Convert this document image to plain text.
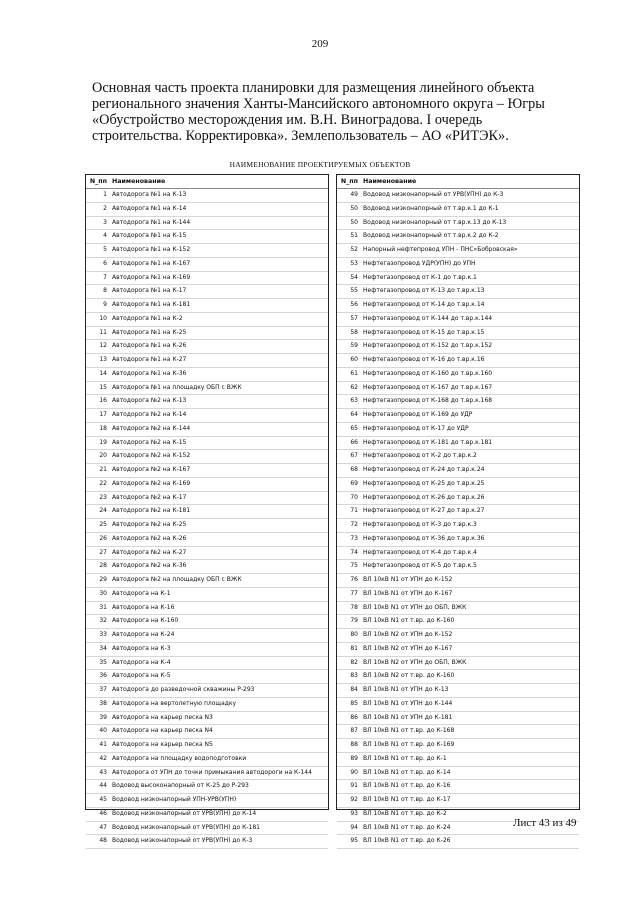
209
Основная часть проекта планировки для размещения линейного объекта регионального значения Ханты-Мансийского автономного округа – Югры «Обустройство месторождения им. В.Н. Виноградова. I очередь строительства. Корректировка». Землепользователь – АО «РИТЭК».
НАИМЕНОВАНИЕ ПРОЕКТИРУЕМЫХ ОБЪЕКТОВ
N_пп Наименование
1 Автодорога №1 на К-13
2 Автодорога №1 на К-14
3 Автодорога №1 на К-144
4 Автодорога №1 на К-15
5 Автодорога №1 на К-152
6 Автодорога №1 на К-167
7 Автодорога №1 на К-169
8 Автодорога №1 на К-17
9 Автодорога №1 на К-181
10 Автодорога №1 на К-2
11 Автодорога №1 на К-25
12 Автодорога №1 на К-26
13 Автодорога №1 на К-27
14 Автодорога №1 на К-36
15 Автодорога №1 на площадку ОБП с ВЖК
16 Автодорога №2 на К-13
17 Автодорога №2 на К-14
18 Автодорога №2 на К-144
19 Автодорога №2 на К-15
20 Автодорога №2 на К-152
21 Автодорога №2 на К-167
22 Автодорога №2 на К-169
23 Автодорога №2 на К-17
24 Автодорога №2 на К-181
25 Автодорога №2 на К-25
26 Автодорога №2 на К-26
27 Автодорога №2 на К-27
28 Автодорога №2 на К-36
29 Автодорога №2 на площадку ОБП с ВЖК
30 Автодорога на К-1
31 Автодорога на К-16
32 Автодорога на К-160
33 Автодорога на К-24
34 Автодорога на К-3
35 Автодорога на К-4
36 Автодорога на К-5
37 Автодорога до разведочной скважины Р-293
38 Автодорога на вертолетную площадку
39 Автодорога на карьер песка N3
40 Автодорога на карьер песка N4
41 Автодорога на карьер песка N5
42 Автодорога на площадку водоподготовки
43 Автодорога от УПН до точки примыкания автодороги на К-144
44 Водовод высоконапорный от К-25 до Р-293
45 Водовод низконапорный УПН-УРВ(УПН)
46 Водовод низконапорный от УРВ(УПН) до К-14
47 Водовод низконапорный от УРВ(УПН) до К-181
48 Водовод низконапорный от УРВ(УПН) до К-3
N_пп Наименование
49 Водовод низконапорный от УРВ(УПН) до К-3
50 Водовод низконапорный от т.вр.к.1 до К-1
50 Водовод низконапорный от т.вр.к.13 до К-13
51 Водовод низконапорный от т.вр.к.2 до К-2
52 Напорный нефтепровод УПН - ПНС«Бобровская»
53 Нефтегазопровод УДР(УПН) до УПН
54 Нефтегазопровод от К-1 до т.вр.к.1
55 Нефтегазопровод от К-13 до т.вр.к.13
56 Нефтегазопровод от К-14 до т.вр.к.14
57 Нефтегазопровод от К-144 до т.вр.к.144
58 Нефтегазопровод от К-15 до т.вр.к.15
59 Нефтегазопровод от К-152 до т.вр.к.152
60 Нефтегазопровод от К-16 до т.вр.к.16
61 Нефтегазопровод от К-160 до т.вр.к.160
62 Нефтегазопровод от К-167 до т.вр.к.167
63 Нефтегазопровод от К-168 до т.вр.к.168
64 Нефтегазопровод от К-169 до УДР
65 Нефтегазопровод от К-17 до УДР
66 Нефтегазопровод от К-181 до т.вр.к.181
67 Нефтегазопровод от К-2 до т.вр.к.2
68 Нефтегазопровод от К-24 до т.вр.к.24
69 Нефтегазопровод от К-25 до т.вр.к.25
70 Нефтегазопровод от К-26 до т.вр.к.26
71 Нефтегазопровод от К-27 до т.вр.к.27
72 Нефтегазопровод от К-3 до т.вр.к.3
73 Нефтегазопровод от К-36 до т.вр.к.36
74 Нефтегазопровод от К-4 до т.вр.к.4
75 Нефтегазопровод от К-5 до т.вр.к.5
76 ВЛ 10кВ N1 от УПН до К-152
77 ВЛ 10кВ N1 от УПН до К-167
78 ВЛ 10кВ N1 от УПН до ОБП, ВЖК
79 ВЛ 10кВ N1 от т.вр. до К-160
80 ВЛ 10кВ N2 от УПН до К-152
81 ВЛ 10кВ N2 от УПН до К-167
82 ВЛ 10кВ N2 от УПН до ОБП, ВЖК
83 ВЛ 10кВ N2 от т.вр. до К-160
84 ВЛ 10кВ N1 от УПН до К-13
85 ВЛ 10кВ N1 от УПН до К-144
86 ВЛ 10кВ N1 от УПН до К-181
87 ВЛ 10кВ N1 от т.вр. до К-168
88 ВЛ 10кВ N1 от т.вр. до К-169
89 ВЛ 10кВ N1 от т.вр. до К-1
90 ВЛ 10кВ N1 от т.вр. до К-14
91 ВЛ 10кВ N1 от т.вр. до К-16
92 ВЛ 10кВ N1 от т.вр. до К-17
93 ВЛ 10кВ N1 от т.вр. до К-2
94 ВЛ 10кВ N1 от т.вр. до К-24
95 ВЛ 10кВ N1 от т.вр. до К-26
Лист 43 из 49
